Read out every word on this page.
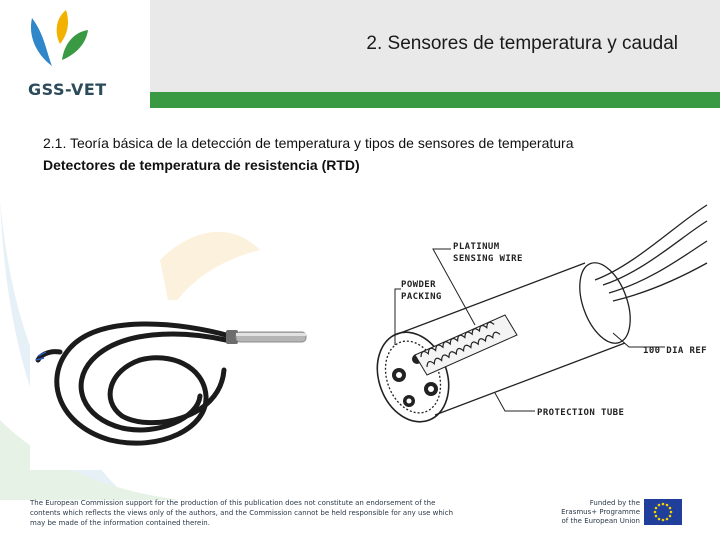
GSS-VET
2. Sensores de temperatura y caudal
2.1. Teoría básica de la detección de temperatura y tipos de sensores de temperatura
Detectores de temperatura de resistencia (RTD)
PLATINUM
SENSING WIRE
POWDER
PACKING
100 DIA REF
PROTECTION TUBE
The European Commission support for the production of this publication does not constitute an endorsement of the
contents which reflects the views only of the authors, and the Commission cannot be held responsible for any use which
may be made of the information contained therein.
Funded by the
Erasmus+ Programme
of the European Union
